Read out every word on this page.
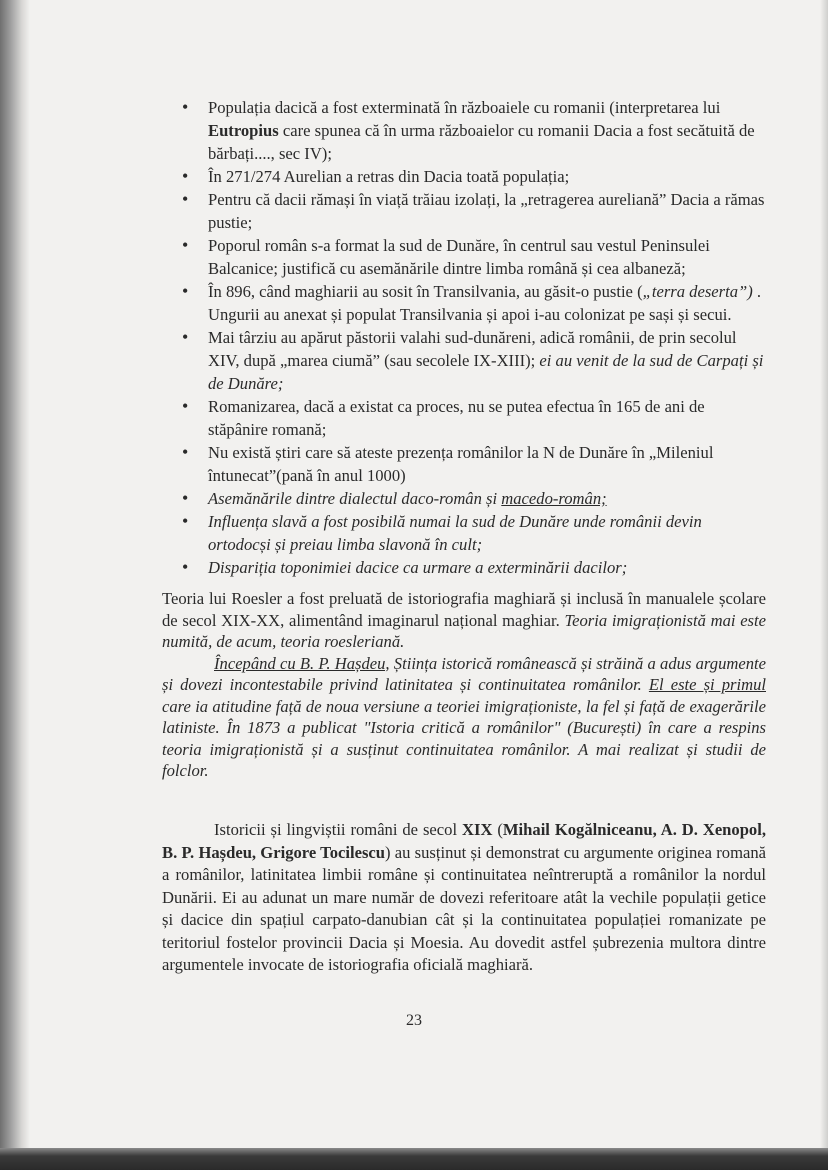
• Populația dacică a fost exterminată în războaiele cu romanii (interpretarea lui Eutropius care spunea că în urma războaielor cu romanii Dacia a fost secătuită de bărbați...., sec IV);
• În 271/274 Aurelian a retras din Dacia toată populația;
• Pentru că dacii rămași în viață trăiau izolați, la „retragerea aureliană” Dacia a rămas pustie;
• Poporul român s-a format la sud de Dunăre, în centrul sau vestul Peninsulei Balcanice; justifică cu asemănările dintre limba română și cea albaneză;
• În 896, când maghiarii au sosit în Transilvania, au găsit-o pustie („terra deserta”) . Ungurii au anexat și populat Transilvania și apoi i-au colonizat pe sași și secui.
• Mai târziu au apărut păstorii valahi sud-dunăreni, adică românii, de prin secolul XIV, după „marea ciumă” (sau secolele IX-XIII); ei au venit de la sud de Carpați și de Dunăre;
• Romanizarea, dacă a existat ca proces, nu se putea efectua în 165 de ani de stăpânire romană;
• Nu există știri care să ateste prezența românilor la N de Dunăre în „Mileniul întunecat”(pană în anul 1000)
• Asemănările dintre dialectul daco-român și macedo-român;
• Influența slavă a fost posibilă numai la sud de Dunăre unde românii devin ortodocși și preiau limba slavonă în cult;
• Dispariția toponimiei dacice ca urmare a exterminării dacilor;

Teoria lui Roesler a fost preluată de istoriografia maghiară și inclusă în manualele școlare de secol XIX-XX, alimentând imaginarul național maghiar. Teoria imigraționistă mai este numită, de acum, teoria roesleriană.
Începând cu B. P. Hașdeu, Știința istorică românească și străină a adus argumente și dovezi incontestabile privind latinitatea și continuitatea românilor. El este și primul care ia atitudine față de noua versiune a teoriei imigraționiste, la fel și față de exagerările latiniste. În 1873 a publicat "Istoria critică a românilor" (București) în care a respins teoria imigraționistă și a susținut continuitatea românilor. A mai realizat și studii de folclor.

Istoricii și lingviștii români de secol XIX (Mihail Kogălniceanu, A. D. Xenopol, B. P. Hașdeu, Grigore Tocilescu) au susținut și demonstrat cu argumente originea romană a românilor, latinitatea limbii române și continuitatea neîntreruptă a românilor la nordul Dunării. Ei au adunat un mare număr de dovezi referitoare atât la vechile populații getice și dacice din spațiul carpato-danubian cât și la continuitatea populației romanizate pe teritoriul fostelor provincii Dacia și Moesia. Au dovedit astfel șubrezenia multora dintre argumentele invocate de istoriografia oficială maghiară.

23
